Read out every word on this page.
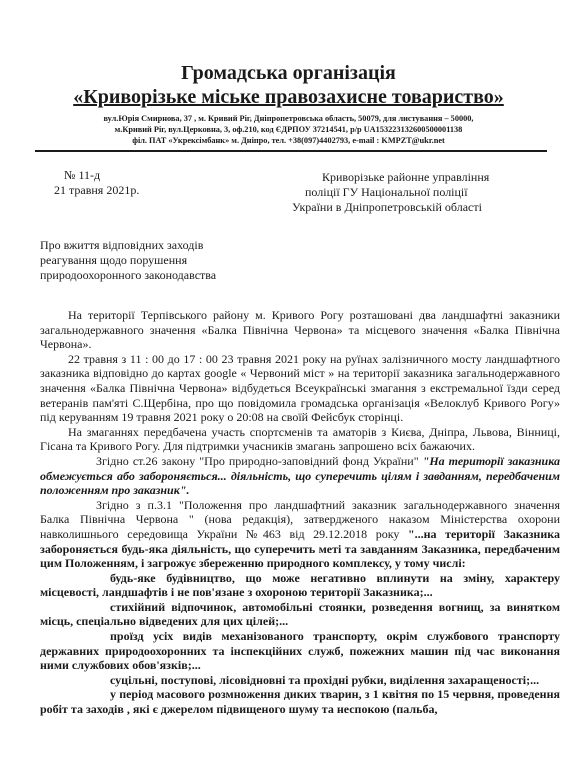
Громадська організація
«Криворізьке міське правозахисне товариство»
вул.Юрія Смирнова, 37 , м. Кривий Ріг, Дніпропетровська область, 50079, для листування – 50000,
м.Кривий Ріг, вул.Церковна, 3, оф.210, код ЄДРПОУ 37214541, р/р UA153223132600500001138
філ. ПАТ «Укрексімбанк» м. Дніпро, тел. +38(097)4402793, e-mail : KMPZT@ukr.net
№ 11-д
21 травня 2021р.
Криворізьке районне управління
поліції ГУ Національної поліції
України в Дніпропетровській області
Про вжиття відповідних заходів
реагування щодо порушення
природоохоронного законодавства

На території Терпівського району м. Кривого Рогу розташовані два ландшафтні заказники загальнодержавного значення «Балка Північна Червона» та місцевого значення «Балка Північна Червона».

22 травня з 11 : 00 до 17 : 00 23 травня 2021 року на руїнах залізничного мосту ландшафтного заказника відповідно до картах google « Червоний міст » на території заказника загальнодержавного значення «Балка Північна Червона» відбудеться Всеукраїнські змагання з екстремальної їзди серед ветеранів пам'яті С.Щербіна, про що повідомила громадська організація «Велоклуб Кривого Рогу» під керуванням 19 травня 2021 року о 20:08 на своїй Фейсбук сторінці.

На змаганнях передбачена участь спортсменів та аматорів з Києва, Дніпра, Львова, Вінниці, Гісана та Кривого Рогу. Для підтримки учасників змагань запрошено всіх бажаючих.

Згідно ст.26 закону "Про природно-заповідний фонд України" "На території заказника обмежується або забороняється... діяльність, що суперечить цілям і завданням, передбаченим положенням про заказник".

Згідно з п.3.1 "Положення про ландшафтний заказник загальнодержавного значення Балка Північна Червона " (нова редакція), затвердженого наказом Міністерства охорони навколишнього середовища України №463 від 29.12.2018 року "...на території Заказника забороняється будь-яка діяльність, що суперечить меті та завданням Заказника, передбаченим цим Положенням, і загрожує збереженню природного комплексу, у тому числі:

будь-яке будівництво, що може негативно вплинути на зміну, характеру місцевості, ландшафтів і не пов'язане з охороною території Заказника;...

стихійний відпочинок, автомобільні стоянки, розведення вогнищ, за винятком місць, спеціально відведених для цих цілей;...

проїзд усіх видів механізованого транспорту, окрім службового транспорту державних природоохоронних та інспекційних служб, пожежних машин під час виконання ними службових обов'язків;...

суцільні, поступові, лісовідновні та прохідні рубки, виділення захаращеності;...

у період масового розмноження диких тварин, з 1 квітня по 15 червня, проведення робіт та заходів , які є джерелом підвищеного шуму та неспокою (пальба,
